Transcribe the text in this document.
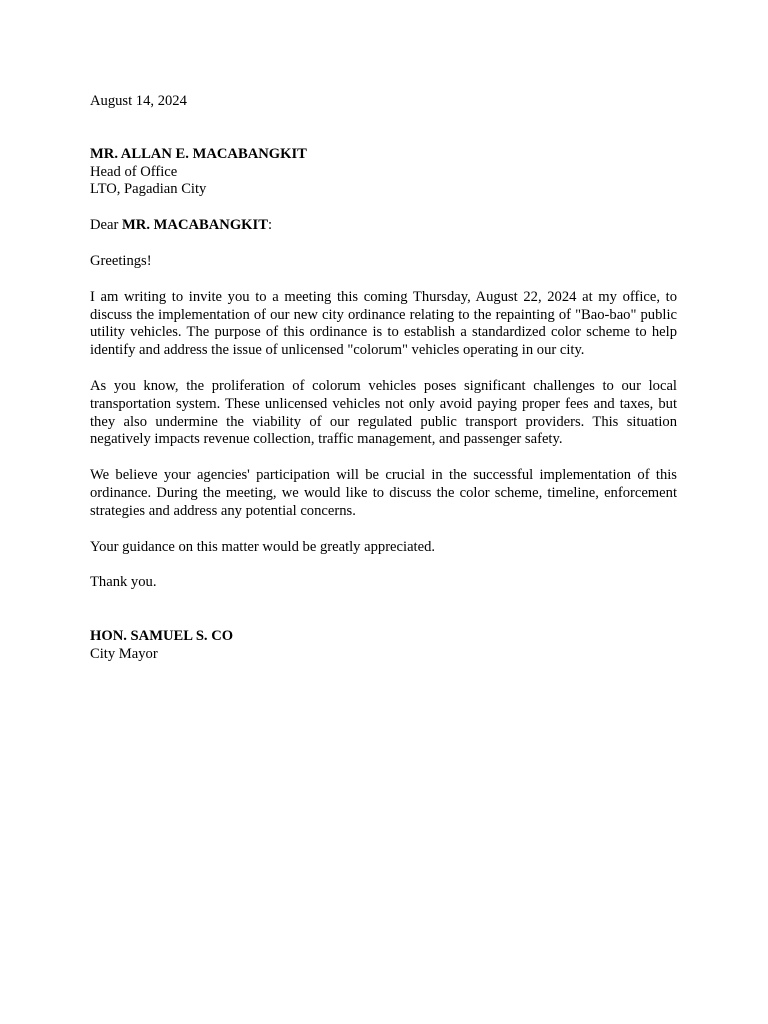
August 14, 2024

MR. ALLAN E. MACABANGKIT

Head of Office

LTO, Pagadian City

Dear MR. MACABANGKIT:

Greetings!

I am writing to invite you to a meeting this coming Thursday, August 22, 2024 at my office, to discuss the implementation of our new city ordinance relating to the repainting of "Bao-bao" public utility vehicles. The purpose of this ordinance is to establish a standardized color scheme to help identify and address the issue of unlicensed "colorum" vehicles operating in our city.

As you know, the proliferation of colorum vehicles poses significant challenges to our local transportation system. These unlicensed vehicles not only avoid paying proper fees and taxes, but they also undermine the viability of our regulated public transport providers. This situation negatively impacts revenue collection, traffic management, and passenger safety.

We believe your agencies' participation will be crucial in the successful implementation of this ordinance. During the meeting, we would like to discuss the color scheme, timeline, enforcement strategies and address any potential concerns.

Your guidance on this matter would be greatly appreciated.

Thank you.

HON. SAMUEL S. CO

City Mayor
